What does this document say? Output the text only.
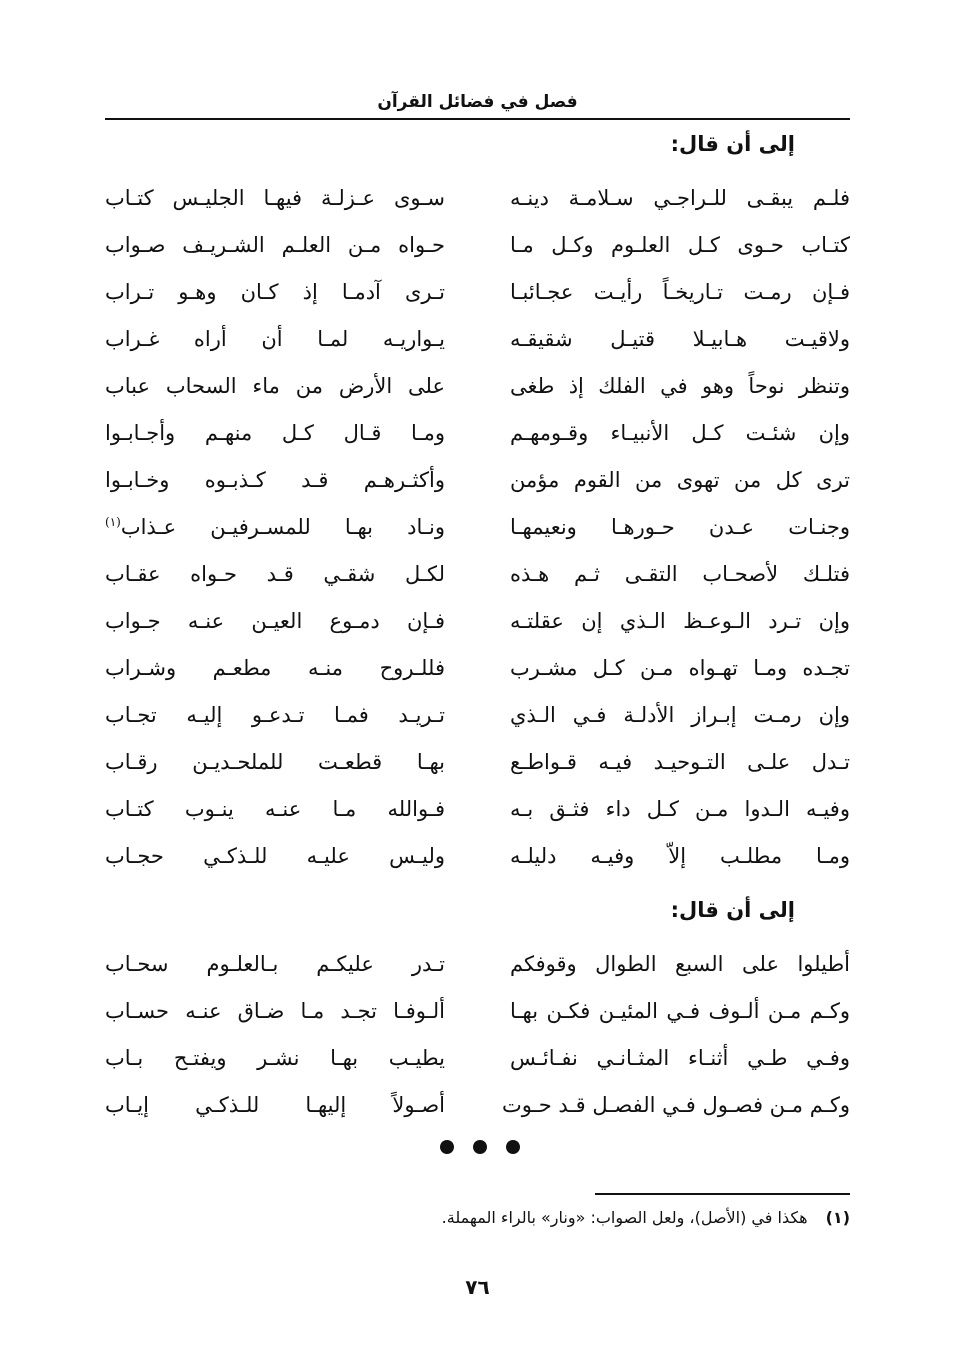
فصل في فضائل القرآن
إلى أن قال:
فلـم يبقـى للـراجـي سـلامـة دينـه
سـوى عـزلـة فيهـا الجليـس كتـاب
كتـاب حـوى كـل العلـوم وكـل مـا
حـواه مـن العلـم الشـريـف صـواب
فـإن رمـت تـاريخـاً رأيـت عجـائبـا
تـرى آدمـا إذ كـان وهـو تـراب
ولاقيـت هـابيـلا قتيـل شقيقـه
يـواريـه لمـا أن أراه غـراب
وتنظر نوحاً وهو في الفلك إذ طغى
على الأرض من ماء السحاب عباب
وإن شئـت كـل الأنبيـاء وقـومهـم
ومـا قـال كـل منهـم وأجـابـوا
ترى كل من تهوى من القوم مؤمن
وأكثـرهـم قـد كـذبـوه وخـابـوا
وجنـات عـدن حـورهـا ونعيمهـا
ونـاد بهـا للمسـرفيـن عـذاب$^{(١)}$
فتلـك لأصحـاب التقـى ثـم هـذه
لكـل شقـي قـد حـواه عقـاب
وإن تـرد الـوعـظ الـذي إن عقلتـه
فـإن دمـوع العيـن عنـه جـواب
تجـده ومـا تهـواه مـن كـل مشـرب
فللـروح منـه مطعـم وشـراب
وإن رمـت إبـراز الأدلـة فـي الـذي
تـريـد فمـا تـدعـو إليـه تجـاب
تـدل علـى التـوحيـد فيـه قـواطـع
بهـا قطعـت للملحـديـن رقـاب
وفيـه الـدوا مـن كـل داء فثـق بـه
فـوالله مـا عنـه ينـوب كتـاب
ومـا مطلـب إلاّ وفيـه دليلـه
وليـس عليـه للـذكـي حجـاب
إلى أن قال:
أطيلوا على السبع الطوال وقوفكم
تـدر عليكـم بـالعلـوم سحـاب
وكـم مـن ألـوف فـي المئيـن فكـن بهـا
ألـوفـا تجـد مـا ضـاق عنـه حسـاب
وفـي طـي أثنـاء المثـانـي نفـائـس
يطيـب بهـا نشـر ويفتـح بـاب
وكـم مـن فصـول فـي الفصـل قـد حـوت
أصـولاً إليهـا للـذكـي إيـاب
(١)هكذا في (الأصل)، ولعل الصواب: «ونار» بالراء المهملة.
٧٦
